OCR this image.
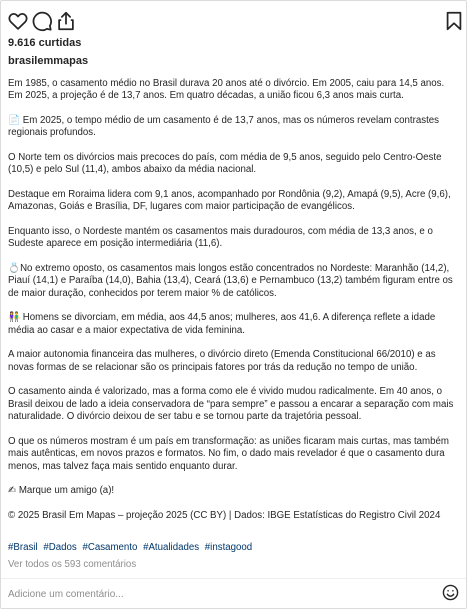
9.616 curtidas
brasilemmapas

Em 1985, o casamento médio no Brasil durava 20 anos até o divórcio. Em 2005, caiu para 14,5 anos. Em 2025, a projeção é de 13,7 anos. Em quatro décadas, a união ficou 6,3 anos mais curta.

📄 Em 2025, o tempo médio de um casamento é de 13,7 anos, mas os números revelam contrastes regionais profundos.

O Norte tem os divórcios mais precoces do país, com média de 9,5 anos, seguido pelo Centro-Oeste (10,5) e pelo Sul (11,4), ambos abaixo da média nacional.

Destaque em Roraima lidera com 9,1 anos, acompanhado por Rondônia (9,2), Amapá (9,5), Acre (9,6), Amazonas, Goiás e Brasília, DF, lugares com maior participação de evangélicos.

Enquanto isso, o Nordeste mantém os casamentos mais duradouros, com média de 13,3 anos, e o Sudeste aparece em posição intermediária (11,6).

💍No extremo oposto, os casamentos mais longos estão concentrados no Nordeste: Maranhão (14,2), Piauí (14,1) e Paraíba (14,0), Bahia (13,4), Ceará (13,6) e Pernambuco (13,2) também figuram entre os de maior duração, conhecidos por terem maior % de católicos.

👫 Homens se divorciam, em média, aos 44,5 anos; mulheres, aos 41,6. A diferença reflete a idade média ao casar e a maior expectativa de vida feminina.

A maior autonomia financeira das mulheres, o divórcio direto (Emenda Constitucional 66/2010) e as novas formas de se relacionar são os principais fatores por trás da redução no tempo de união.

O casamento ainda é valorizado, mas a forma como ele é vivido mudou radicalmente. Em 40 anos, o Brasil deixou de lado a ideia conservadora de “para sempre” e passou a encarar a separação com mais naturalidade. O divórcio deixou de ser tabu e se tornou parte da trajetória pessoal.

O que os números mostram é um país em transformação: as uniões ficaram mais curtas, mas também mais autênticas, em novos prazos e formatos. No fim, o dado mais revelador é que o casamento dura menos, mas talvez faça mais sentido enquanto durar.

✍ Marque um amigo (a)!

© 2025 Brasil Em Mapas – projeção 2025 (CC BY) | Dados: IBGE Estatísticas do Registro Civil 2024

#Brasil #Dados #Casamento #Atualidades #instagood
Ver todos os 593 comentários
Adicione um comentário...
